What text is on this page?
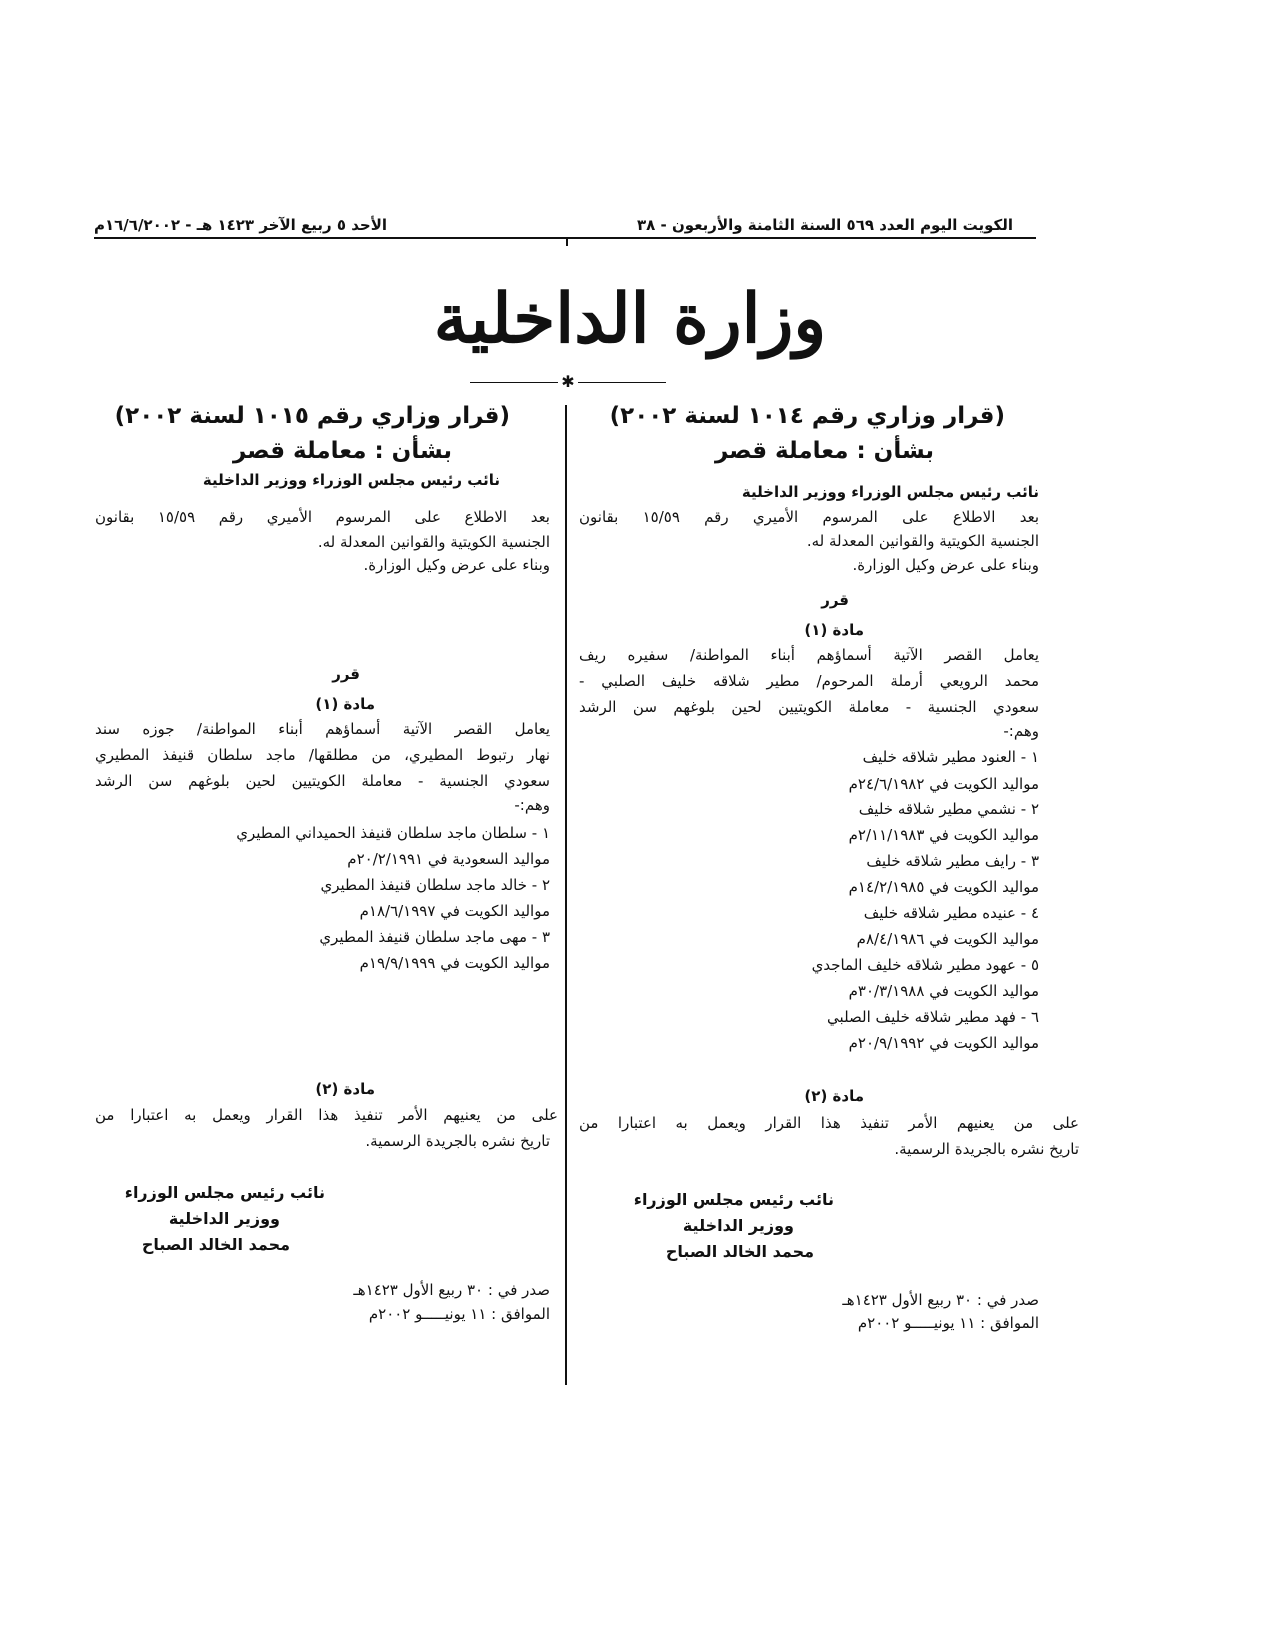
الكويت اليوم العدد ٥٦٩ السنة الثامنة والأربعون - ٣٨
الأحد ٥ ربيع الآخر ١٤٢٣ هـ - ١٦/٦/٢٠٠٢م
وزارة الداخلية
✱
(قرار وزاري رقم ١٠١٤ لسنة ٢٠٠٢)
بشأن : معاملة قصر
نائب رئيس مجلس الوزراء ووزير الداخلية
بعد الاطلاع على المرسوم الأميري رقم ١٥/٥٩ بقانون
الجنسية الكويتية والقوانين المعدلة له.
وبناء على عرض وكيل الوزارة.
قرر
مادة (١)
يعامل القصر الآتية أسماؤهم أبناء المواطنة/ سفيره ريف
محمد الرويعي أرملة المرحوم/ مطير شلاقه خليف الصلبي -
سعودي الجنسية - معاملة الكويتيين لحين بلوغهم سن الرشد
وهم:-
١ - العنود مطير شلاقه خليف
مواليد الكويت في ٢٤/٦/١٩٨٢م
٢ - نشمي مطير شلاقه خليف
مواليد الكويت في ٢/١١/١٩٨٣م
٣ - رايف مطير شلاقه خليف
مواليد الكويت في ١٤/٢/١٩٨٥م
٤ - عنيده مطير شلاقه خليف
مواليد الكويت في ٨/٤/١٩٨٦م
٥ - عهود مطير شلاقه خليف الماجدي
مواليد الكويت في ٣٠/٣/١٩٨٨م
٦ - فهد مطير شلاقه خليف الصلبي
مواليد الكويت في ٢٠/٩/١٩٩٢م
مادة (٢)
على من يعنيهم الأمر تنفيذ هذا القرار ويعمل به اعتبارا من
تاريخ نشره بالجريدة الرسمية.
نائب رئيس مجلس الوزراء
ووزير الداخلية
محمد الخالد الصباح
صدر في : ٣٠ ربيع الأول ١٤٢٣هـ
الموافق : ١١ يونيـــــو ٢٠٠٢م
(قرار وزاري رقم ١٠١٥ لسنة ٢٠٠٢)
بشأن : معاملة قصر
نائب رئيس مجلس الوزراء ووزير الداخلية
بعد الاطلاع على المرسوم الأميري رقم ١٥/٥٩ بقانون
الجنسية الكويتية والقوانين المعدلة له.
وبناء على عرض وكيل الوزارة.
قرر
مادة (١)
يعامل القصر الآتية أسماؤهم أبناء المواطنة/ جوزه سند
نهار رتبوط المطيري، من مطلقها/ ماجد سلطان قنيفذ المطيري
سعودي الجنسية - معاملة الكويتيين لحين بلوغهم سن الرشد
وهم:-
١ - سلطان ماجد سلطان قنيفذ الحميداني المطيري
مواليد السعودية في ٢٠/٢/١٩٩١م
٢ - خالد ماجد سلطان قنيفذ المطيري
مواليد الكويت في ١٨/٦/١٩٩٧م
٣ - مهى ماجد سلطان قنيفذ المطيري
مواليد الكويت في ١٩/٩/١٩٩٩م
مادة (٢)
على من يعنيهم الأمر تنفيذ هذا القرار ويعمل به اعتبارا من
تاريخ نشره بالجريدة الرسمية.
نائب رئيس مجلس الوزراء
ووزير الداخلية
محمد الخالد الصباح
صدر في : ٣٠ ربيع الأول ١٤٢٣هـ
الموافق : ١١ يونيـــــو ٢٠٠٢م
